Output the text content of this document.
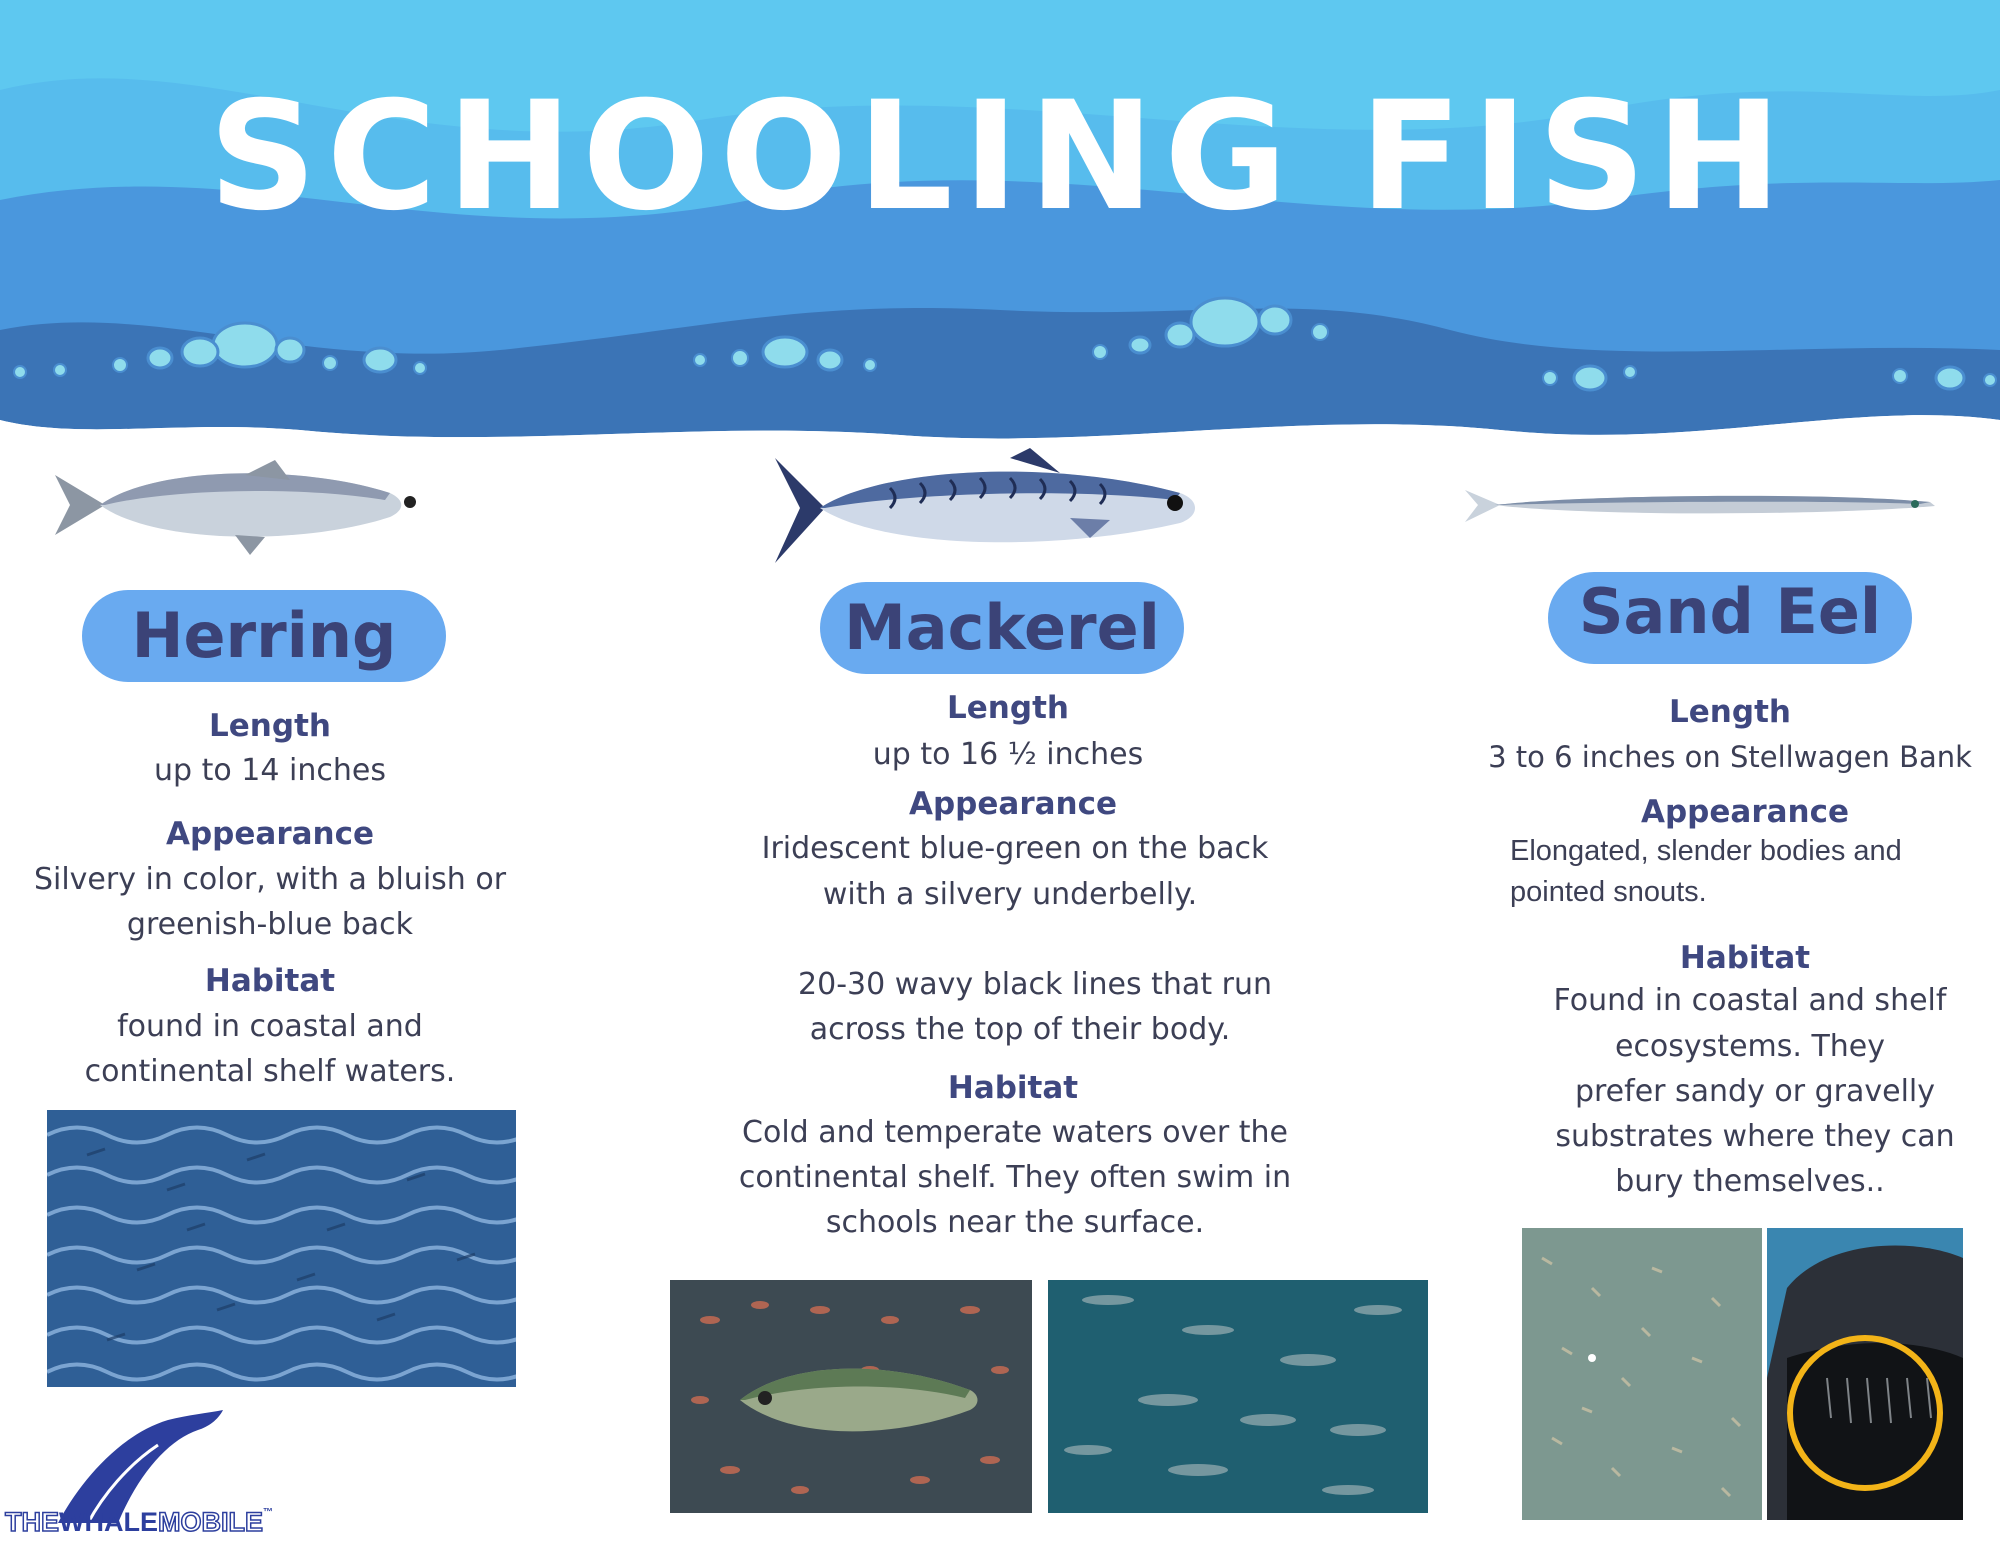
SCHOOLING FISH
Herring
Length
up to 14 inches
Appearance
Silvery in color, with a bluish or
greenish-blue back
Habitat
found in coastal and
continental shelf waters.
Mackerel
Length
up to 16 ½ inches
Appearance
Iridescent blue-green on the back
with a silvery underbelly.
20-30 wavy black lines that run
across the top of their body.
Habitat
Cold and temperate waters over the
continental shelf. They often swim in
schools near the surface.
Sand Eel
Length
3 to 6 inches on Stellwagen Bank
Appearance
Elongated, slender bodies and
pointed snouts.
Habitat
Found in coastal and shelf
ecosystems. They
prefer sandy or gravelly
substrates where they can
bury themselves..
THEWHALEMOBILE™
